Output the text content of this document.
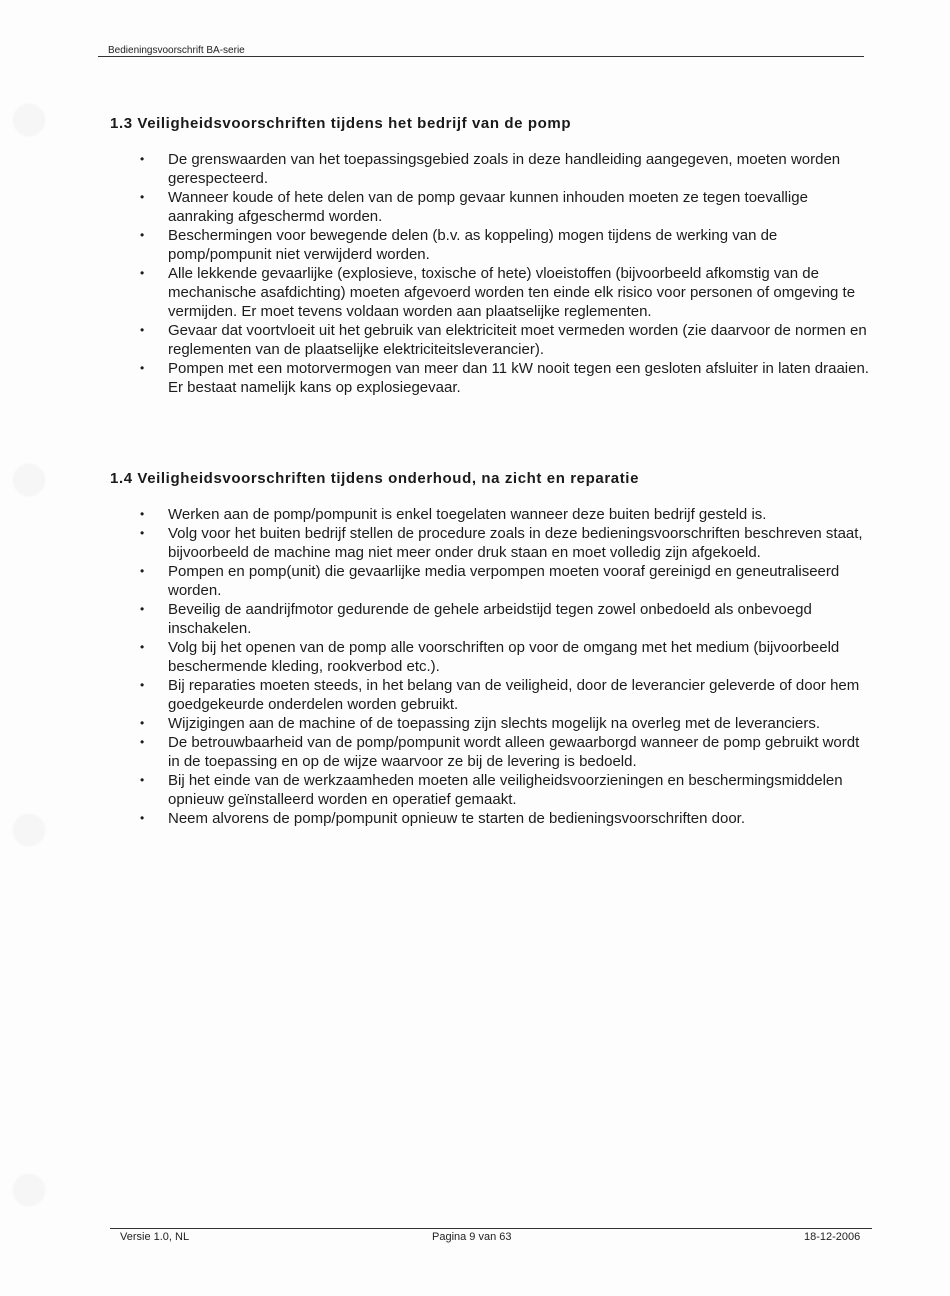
Bedieningsvoorschrift BA-serie
1.3 Veiligheidsvoorschriften tijdens het bedrijf van de pomp
• De grenswaarden van het toepassingsgebied zoals in deze handleiding aangegeven, moeten worden gerespecteerd.
• Wanneer koude of hete delen van de pomp gevaar kunnen inhouden moeten ze tegen toevallige aanraking afgeschermd worden.
• Beschermingen voor bewegende delen (b.v. as koppeling) mogen tijdens de werking van de pomp/pompunit niet verwijderd worden.
• Alle lekkende gevaarlijke (explosieve, toxische of hete) vloeistoffen (bijvoorbeeld afkomstig van de mechanische asafdichting) moeten afgevoerd worden ten einde elk risico voor personen of omgeving te vermijden. Er moet tevens voldaan worden aan plaatselijke reglementen.
• Gevaar dat voortvloeit uit het gebruik van elektriciteit moet vermeden worden (zie daarvoor de normen en reglementen van de plaatselijke elektriciteitsleverancier).
• Pompen met een motorvermogen van meer dan 11 kW nooit tegen een gesloten afsluiter in laten draaien. Er bestaat namelijk kans op explosiegevaar.
1.4 Veiligheidsvoorschriften tijdens onderhoud, na zicht en reparatie
• Werken aan de pomp/pompunit is enkel toegelaten wanneer deze buiten bedrijf gesteld is.
• Volg voor het buiten bedrijf stellen de procedure zoals in deze bedieningsvoorschriften beschreven staat, bijvoorbeeld de machine mag niet meer onder druk staan en moet volledig zijn afgekoeld.
• Pompen en pomp(unit) die gevaarlijke media verpompen moeten vooraf gereinigd en geneutraliseerd worden.
• Beveilig de aandrijfmotor gedurende de gehele arbeidstijd tegen zowel onbedoeld als onbevoegd inschakelen.
• Volg bij het openen van de pomp alle voorschriften op voor de omgang met het medium (bijvoorbeeld beschermende kleding, rookverbod etc.).
• Bij reparaties moeten steeds, in het belang van de veiligheid, door de leverancier geleverde of door hem goedgekeurde onderdelen worden gebruikt.
• Wijzigingen aan de machine of de toepassing zijn slechts mogelijk na overleg met de leveranciers.
• De betrouwbaarheid van de pomp/pompunit wordt alleen gewaarborgd wanneer de pomp gebruikt wordt in de toepassing en op de wijze waarvoor ze bij de levering is bedoeld.
• Bij het einde van de werkzaamheden moeten alle veiligheidsvoorzieningen en beschermingsmiddelen opnieuw geïnstalleerd worden en operatief gemaakt.
• Neem alvorens de pomp/pompunit opnieuw te starten de bedieningsvoorschriften door.
Versie 1.0, NL	Pagina 9 van 63	18-12-2006
